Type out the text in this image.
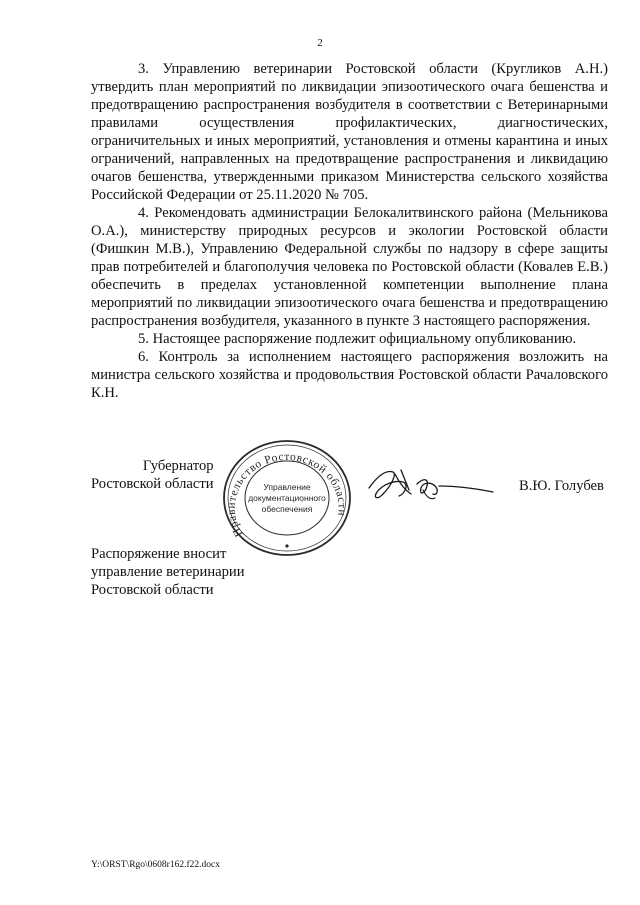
2

3. Управлению ветеринарии Ростовской области (Кругликов А.Н.) утвердить план мероприятий по ликвидации эпизоотического очага бешенства и предотвращению распространения возбудителя в соответствии с Ветеринарными правилами осуществления профилактических, диагностических, ограничительных и иных мероприятий, установления и отмены карантина и иных ограничений, направленных на предотвращение распространения и ликвидацию очагов бешенства, утвержденными приказом Министерства сельского хозяйства Российской Федерации от 25.11.2020 № 705.

4. Рекомендовать администрации Белокалитвинского района (Мельникова О.А.), министерству природных ресурсов и экологии Ростовской области (Фишкин М.В.), Управлению Федеральной службы по надзору в сфере защиты прав потребителей и благополучия человека по Ростовской области (Ковалев Е.В.) обеспечить в пределах установленной компетенции выполнение плана мероприятий по ликвидации эпизоотического очага бешенства и предотвращению распространения возбудителя, указанного в пункте 3 настоящего распоряжения.

5. Настоящее распоряжение подлежит официальному опубликованию.

6. Контроль за исполнением настоящего распоряжения возложить на министра сельского хозяйства и продовольствия Ростовской области Рачаловского К.Н.

Губернатор
Ростовской области
Правительство Ростовской области
Управление
документационного
обеспечения
В.Ю. Голубев
Распоряжение вносит
управление ветеринарии
Ростовской области
Y:\ORST\Rgo\0608r162.f22.docx
